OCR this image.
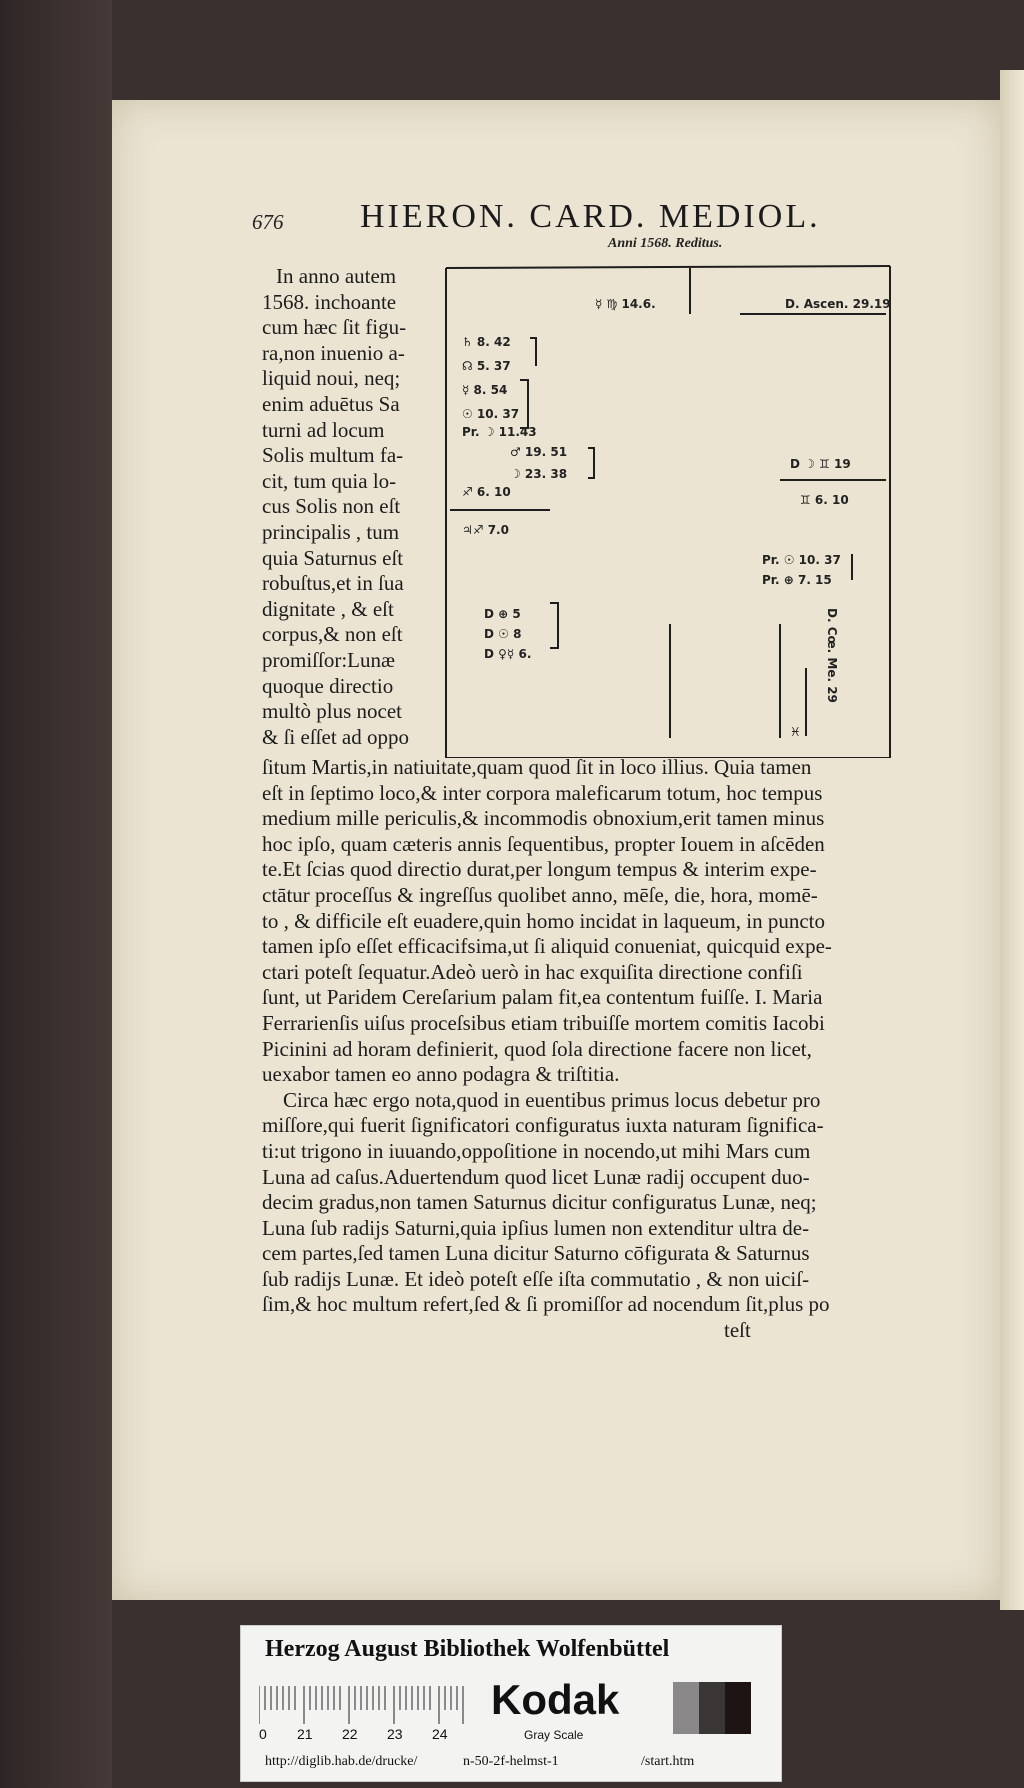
676 HIERON. CARD. MEDIOL.
Anni 1568. Reditus.
In anno autem
1568. inchoante
cum hæc ſit figu-
ra,non inuenio a-
liquid noui, neq;
enim aduētus Sa
turni ad locum
Solis multum fa-
cit, tum quia lo-
cus Solis non eſt
principalis , tum
quia Saturnus eſt
robuſtus,et in ſua
dignitate , & eſt
corpus,& non eſt
promiſſor:Lunæ
quoque directio
multò plus nocet
& ſi eſſet ad oppo
☿ ♍ 14.6.	D. Ascen. 29.19
♄ 8. 42
☊ 5. 37
☿ 8. 54
☉ 10. 37
Pr. ☽ 11.43
♂ 19. 51
☽ 23. 38
♐ 6. 10
♃♐ 7.0
D ☽ ♊ 19
♊ 6. 10
Pr. ☉ 10. 37
Pr. ⊕ 7. 15
D ⊕ 5
D ☉ 8
D ♀☿ 6.	D. Cœ. Me. 29
♓
ſitum Martis,in natiuitate,quam quod ſit in loco illius. Quia tamen
eſt in ſeptimo loco,& inter corpora maleficarum totum, hoc tempus
medium mille periculis,& incommodis obnoxium,erit tamen minus
hoc ipſo, quam cæteris annis ſequentibus, propter Iouem in aſcēden
te.Et ſcias quod directio durat,per longum tempus & interim expe-
ctātur proceſſus & ingreſſus quolibet anno, mēſe, die, hora, momē-
to , & difficile eſt euadere,quin homo incidat in laqueum, in puncto
tamen ipſo eſſet efficacifsima,ut ſi aliquid conueniat, quicquid expe-
ctari poteſt ſequatur.Adeò uerò in hac exquiſita directione confiſi
ſunt, ut Paridem Cereſarium palam fit,ea contentum fuiſſe. I. Maria
Ferrarienſis uiſus proceſsibus etiam tribuiſſe mortem comitis Iacobi
Picinini ad horam definierit, quod ſola directione facere non licet,
uexabor tamen eo anno podagra & triſtitia.
Circa hæc ergo nota,quod in euentibus primus locus debetur pro
miſſore,qui fuerit ſignificatori configuratus iuxta naturam ſignifica-
ti:ut trigono in iuuando,oppoſitione in nocendo,ut mihi Mars cum
Luna ad caſus.Aduertendum quod licet Lunæ radij occupent duo-
decim gradus,non tamen Saturnus dicitur configuratus Lunæ, neq;
Luna ſub radijs Saturni,quia ipſius lumen non extenditur ultra de-
cem partes,ſed tamen Luna dicitur Saturno cōfigurata & Saturnus
ſub radijs Lunæ. Et ideò poteſt eſſe iſta commutatio , & non uiciſ-
ſim,& hoc multum refert,ſed & ſi promiſſor ad nocendum ſit,plus po
teſt
Herzog August Bibliothek Wolfenbüttel
0 21 22 23 24
Kodak
Gray Scale
http://diglib.hab.de/drucke/	n-50-2f-helmst-1	/start.htm
